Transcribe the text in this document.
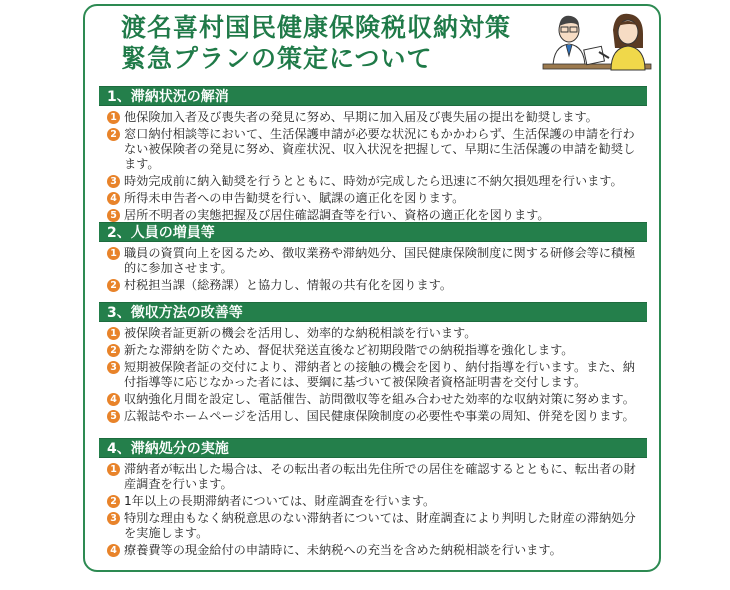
渡名喜村国民健康保険税収納対策
緊急プランの策定について
1、滞納状況の解消
1 他保険加入者及び喪失者の発見に努め、早期に加入届及び喪失届の提出を勧奨します。
2 窓口納付相談等において、生活保護申請が必要な状況にもかかわらず、生活保護の申請を行わない被保険者の発見に努め、資産状況、収入状況を把握して、早期に生活保護の申請を勧奨します。
3 時効完成前に納入勧奨を行うとともに、時効が完成したら迅速に不納欠損処理を行います。
4 所得未申告者への申告勧奨を行い、賦課の適正化を図ります。
5 居所不明者の実態把握及び居住確認調査等を行い、資格の適正化を図ります。
2、人員の増員等
1 職員の資質向上を図るため、徴収業務や滞納処分、国民健康保険制度に関する研修会等に積極的に参加させます。
2 村税担当課（総務課）と協力し、情報の共有化を図ります。
3、徴収方法の改善等
1 被保険者証更新の機会を活用し、効率的な納税相談を行います。
2 新たな滞納を防ぐため、督促状発送直後など初期段階での納税指導を強化します。
3 短期被保険者証の交付により、滞納者との接触の機会を図り、納付指導を行います。また、納付指導等に応じなかった者には、要綱に基づいて被保険者資格証明書を交付します。
4 収納強化月間を設定し、電話催告、訪問徴収等を組み合わせた効率的な収納対策に努めます。
5 広報誌やホームページを活用し、国民健康保険制度の必要性や事業の周知、併発を図ります。
4、滞納処分の実施
1 滞納者が転出した場合は、その転出者の転出先住所での居住を確認するとともに、転出者の財産調査を行います。
2 1年以上の長期滞納者については、財産調査を行います。
3 特別な理由もなく納税意思のない滞納者については、財産調査により判明した財産の滞納処分を実施します。
4 療養費等の現金給付の申請時に、未納税への充当を含めた納税相談を行います。
